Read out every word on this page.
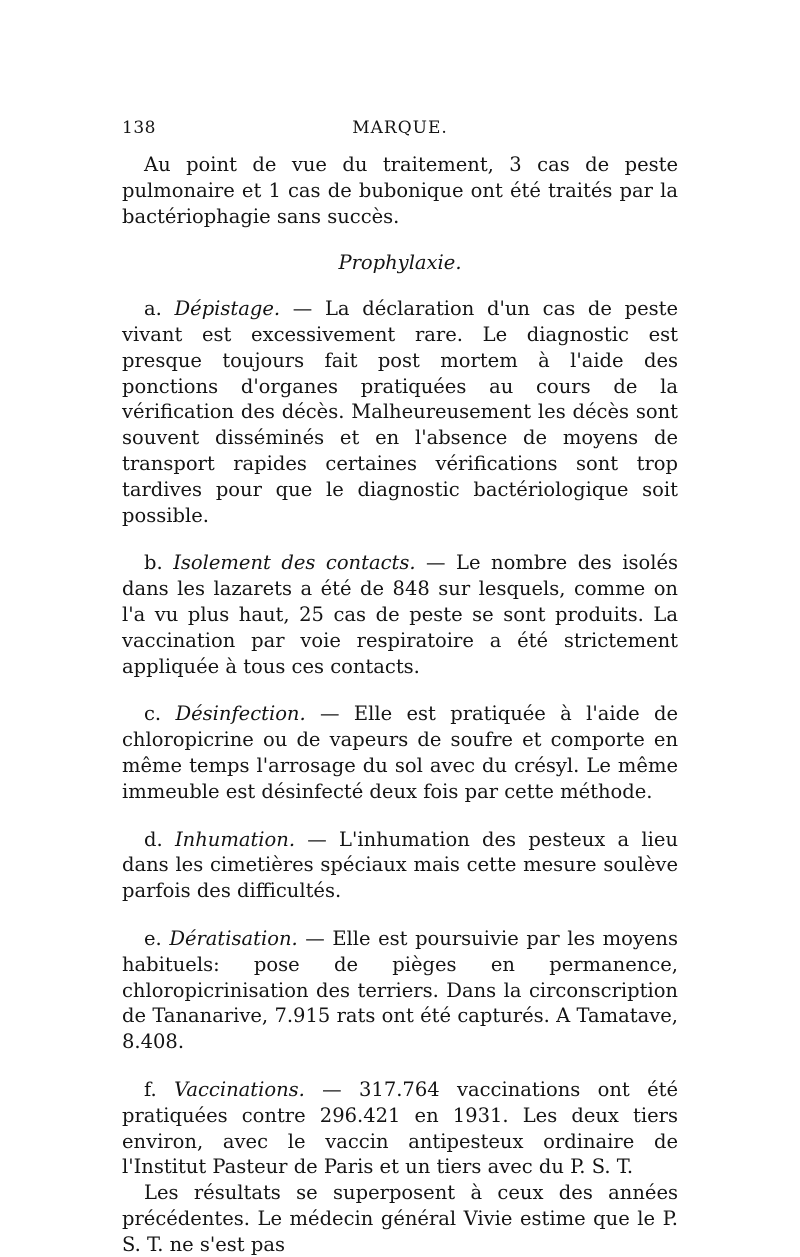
138	MARQUE.

Au point de vue du traitement, 3 cas de peste pulmonaire et 1 cas de bubonique ont été traités par la bactériophagie sans succès.

Prophylaxie.

a. Dépistage. — La déclaration d'un cas de peste vivant est excessivement rare. Le diagnostic est presque toujours fait post mortem à l'aide des ponctions d'organes pratiquées au cours de la vérification des décès. Malheureusement les décès sont souvent disséminés et en l'absence de moyens de transport rapides certaines vérifications sont trop tardives pour que le diagnostic bactériologique soit possible.

b. Isolement des contacts. — Le nombre des isolés dans les lazarets a été de 848 sur lesquels, comme on l'a vu plus haut, 25 cas de peste se sont produits. La vaccination par voie respiratoire a été strictement appliquée à tous ces contacts.

c. Désinfection. — Elle est pratiquée à l'aide de chloropicrine ou de vapeurs de soufre et comporte en même temps l'arrosage du sol avec du crésyl. Le même immeuble est désinfecté deux fois par cette méthode.

d. Inhumation. — L'inhumation des pesteux a lieu dans les cimetières spéciaux mais cette mesure soulève parfois des difficultés.

e. Dératisation. — Elle est poursuivie par les moyens habituels: pose de pièges en permanence, chloropicrinisation des terriers. Dans la circonscription de Tananarive, 7.915 rats ont été capturés. A Tamatave, 8.408.

f. Vaccinations. — 317.764 vaccinations ont été pratiquées contre 296.421 en 1931. Les deux tiers environ, avec le vaccin antipesteux ordinaire de l'Institut Pasteur de Paris et un tiers avec du P. S. T.

Les résultats se superposent à ceux des années précédentes. Le médecin général Vivie estime que le P. S. T. ne s'est pas
